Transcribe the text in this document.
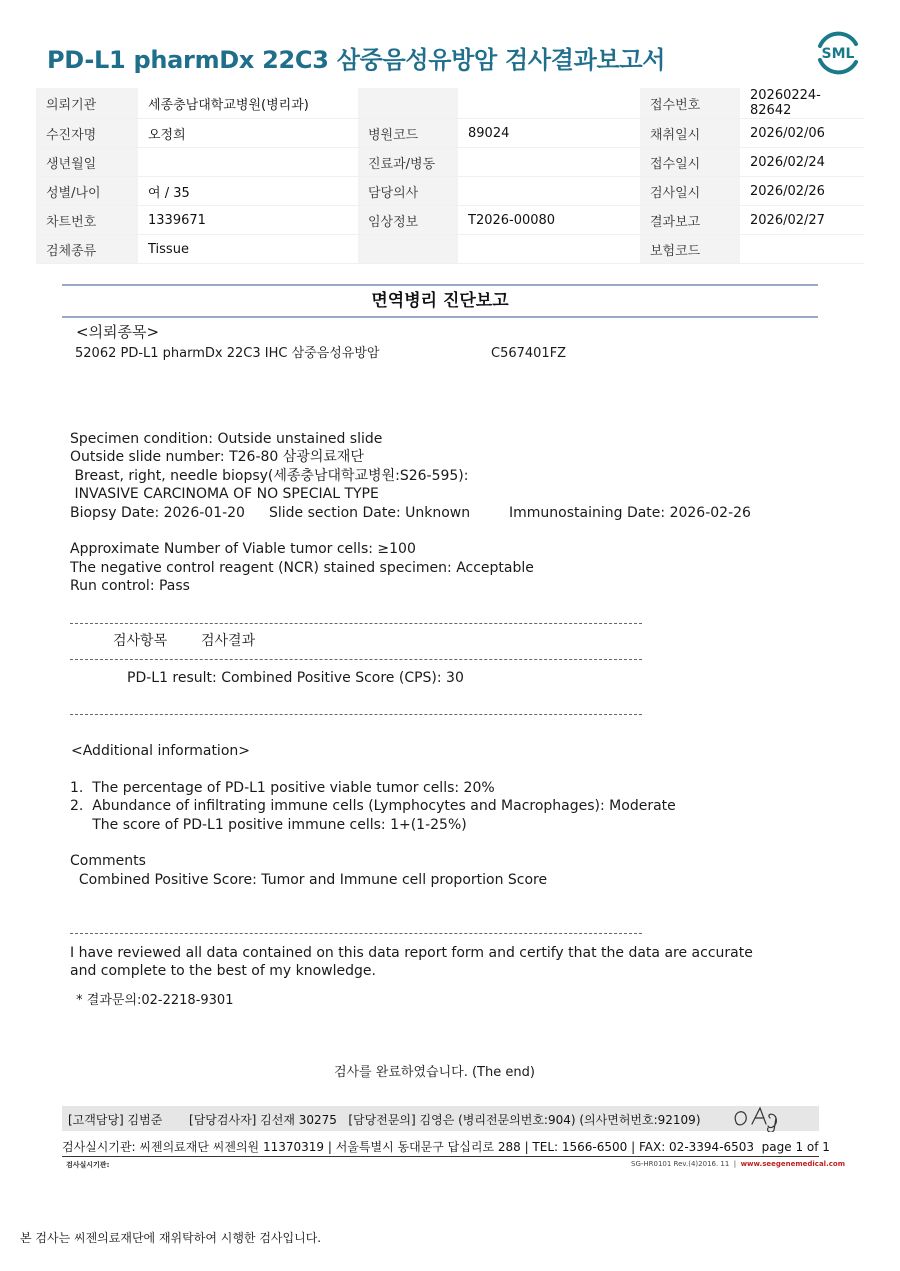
PD-L1 pharmDx 22C3 삼중음성유방암 검사결과보고서	SML
의뢰기관	세종충남대학교병원(병리과)			접수번호	20260224-82642
수진자명	오정희	병원코드	89024	채취일시	2026/02/06
생년월일		진료과/병동		접수일시	2026/02/24
성별/나이	여 / 35	담당의사		검사일시	2026/02/26
차트번호	1339671	임상정보	T2026-00080	결과보고	2026/02/27
검체종류	Tissue			보험코드	
면역병리 진단보고
<의뢰종목>
52062 PD-L1 pharmDx 22C3 IHC 삼중음성유방암	C567401FZ
Specimen condition: Outside unstained slide
Outside slide number: T26-80 삼광의료재단
Breast, right, needle biopsy(세종충남대학교병원:S26-595):
INVASIVE CARCINOMA OF NO SPECIAL TYPE
Biopsy Date: 2026-01-20 Slide section Date: Unknown	Immunostaining Date: 2026-02-26
Approximate Number of Viable tumor cells: ≥100
The negative control reagent (NCR) stained specimen: Acceptable
Run control: Pass
검사항목 검사결과
PD-L1 result: Combined Positive Score (CPS): 30
<Additional information>
1.  The percentage of PD-L1 positive viable tumor cells: 20%
2.  Abundance of infiltrating immune cells (Lymphocytes and Macrophages): Moderate
The score of PD-L1 positive immune cells: 1+(1-25%)
Comments
Combined Positive Score: Tumor and Immune cell proportion Score
I have reviewed all data contained on this data report form and certify that the data are accurate
and complete to the best of my knowledge.
* 결과문의:02-2218-9301
검사를 완료하였습니다. (The end)
[고객담당] 김범준       [담당검사자] 김선재 30275   [담당전문의] 김영은 (병리전문의번호:904) (의사면허번호:92109)
검사실시기관: 씨젠의료재단 씨젠의원 11370319 | 서울특별시 동대문구 답십리로 288 | TEL: 1566-6500 | FAX: 02-3394-6503  page 1 of 1
검사실시기관:	SG-HR0101 Rev.(4)2016. 11  |  www.seegenemedical.com
본 검사는 씨젠의료재단에 재위탁하여 시행한 검사입니다.
